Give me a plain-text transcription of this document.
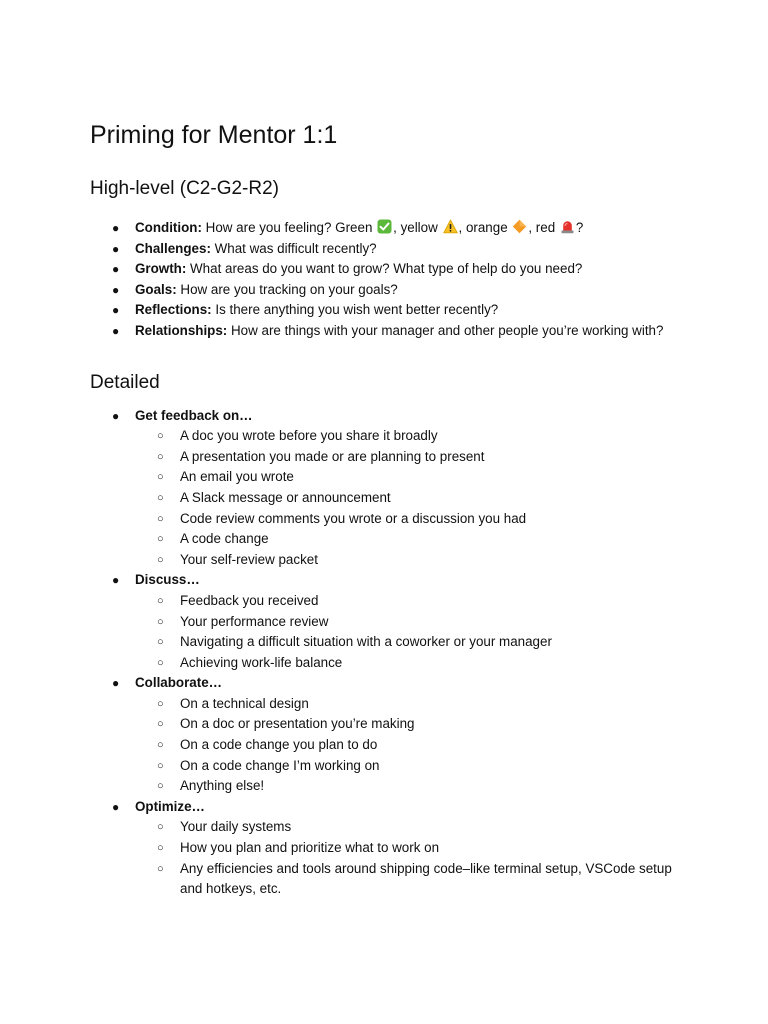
Priming for Mentor 1:1
High-level (C2-G2-R2)
● Condition: How are you feeling? Green
, yellow
, orange
, red
?
● Challenges: What was difficult recently?
● Growth: What areas do you want to grow? What type of help do you need?
● Goals: How are you tracking on your goals?
● Reflections: Is there anything you wish went better recently?
● Relationships: How are things with your manager and other people you’re working with?
Detailed
● Get feedback on…
○ A doc you wrote before you share it broadly
○ A presentation you made or are planning to present
○ An email you wrote
○ A Slack message or announcement
○ Code review comments you wrote or a discussion you had
○ A code change
○ Your self-review packet
● Discuss…
○ Feedback you received
○ Your performance review
○ Navigating a difficult situation with a coworker or your manager
○ Achieving work-life balance
● Collaborate…
○ On a technical design
○ On a doc or presentation you’re making
○ On a code change you plan to do
○ On a code change I’m working on
○ Anything else!
● Optimize…
○ Your daily systems
○ How you plan and prioritize what to work on
○ Any efficiencies and tools around shipping code–like terminal setup, VSCode setup and hotkeys, etc.
